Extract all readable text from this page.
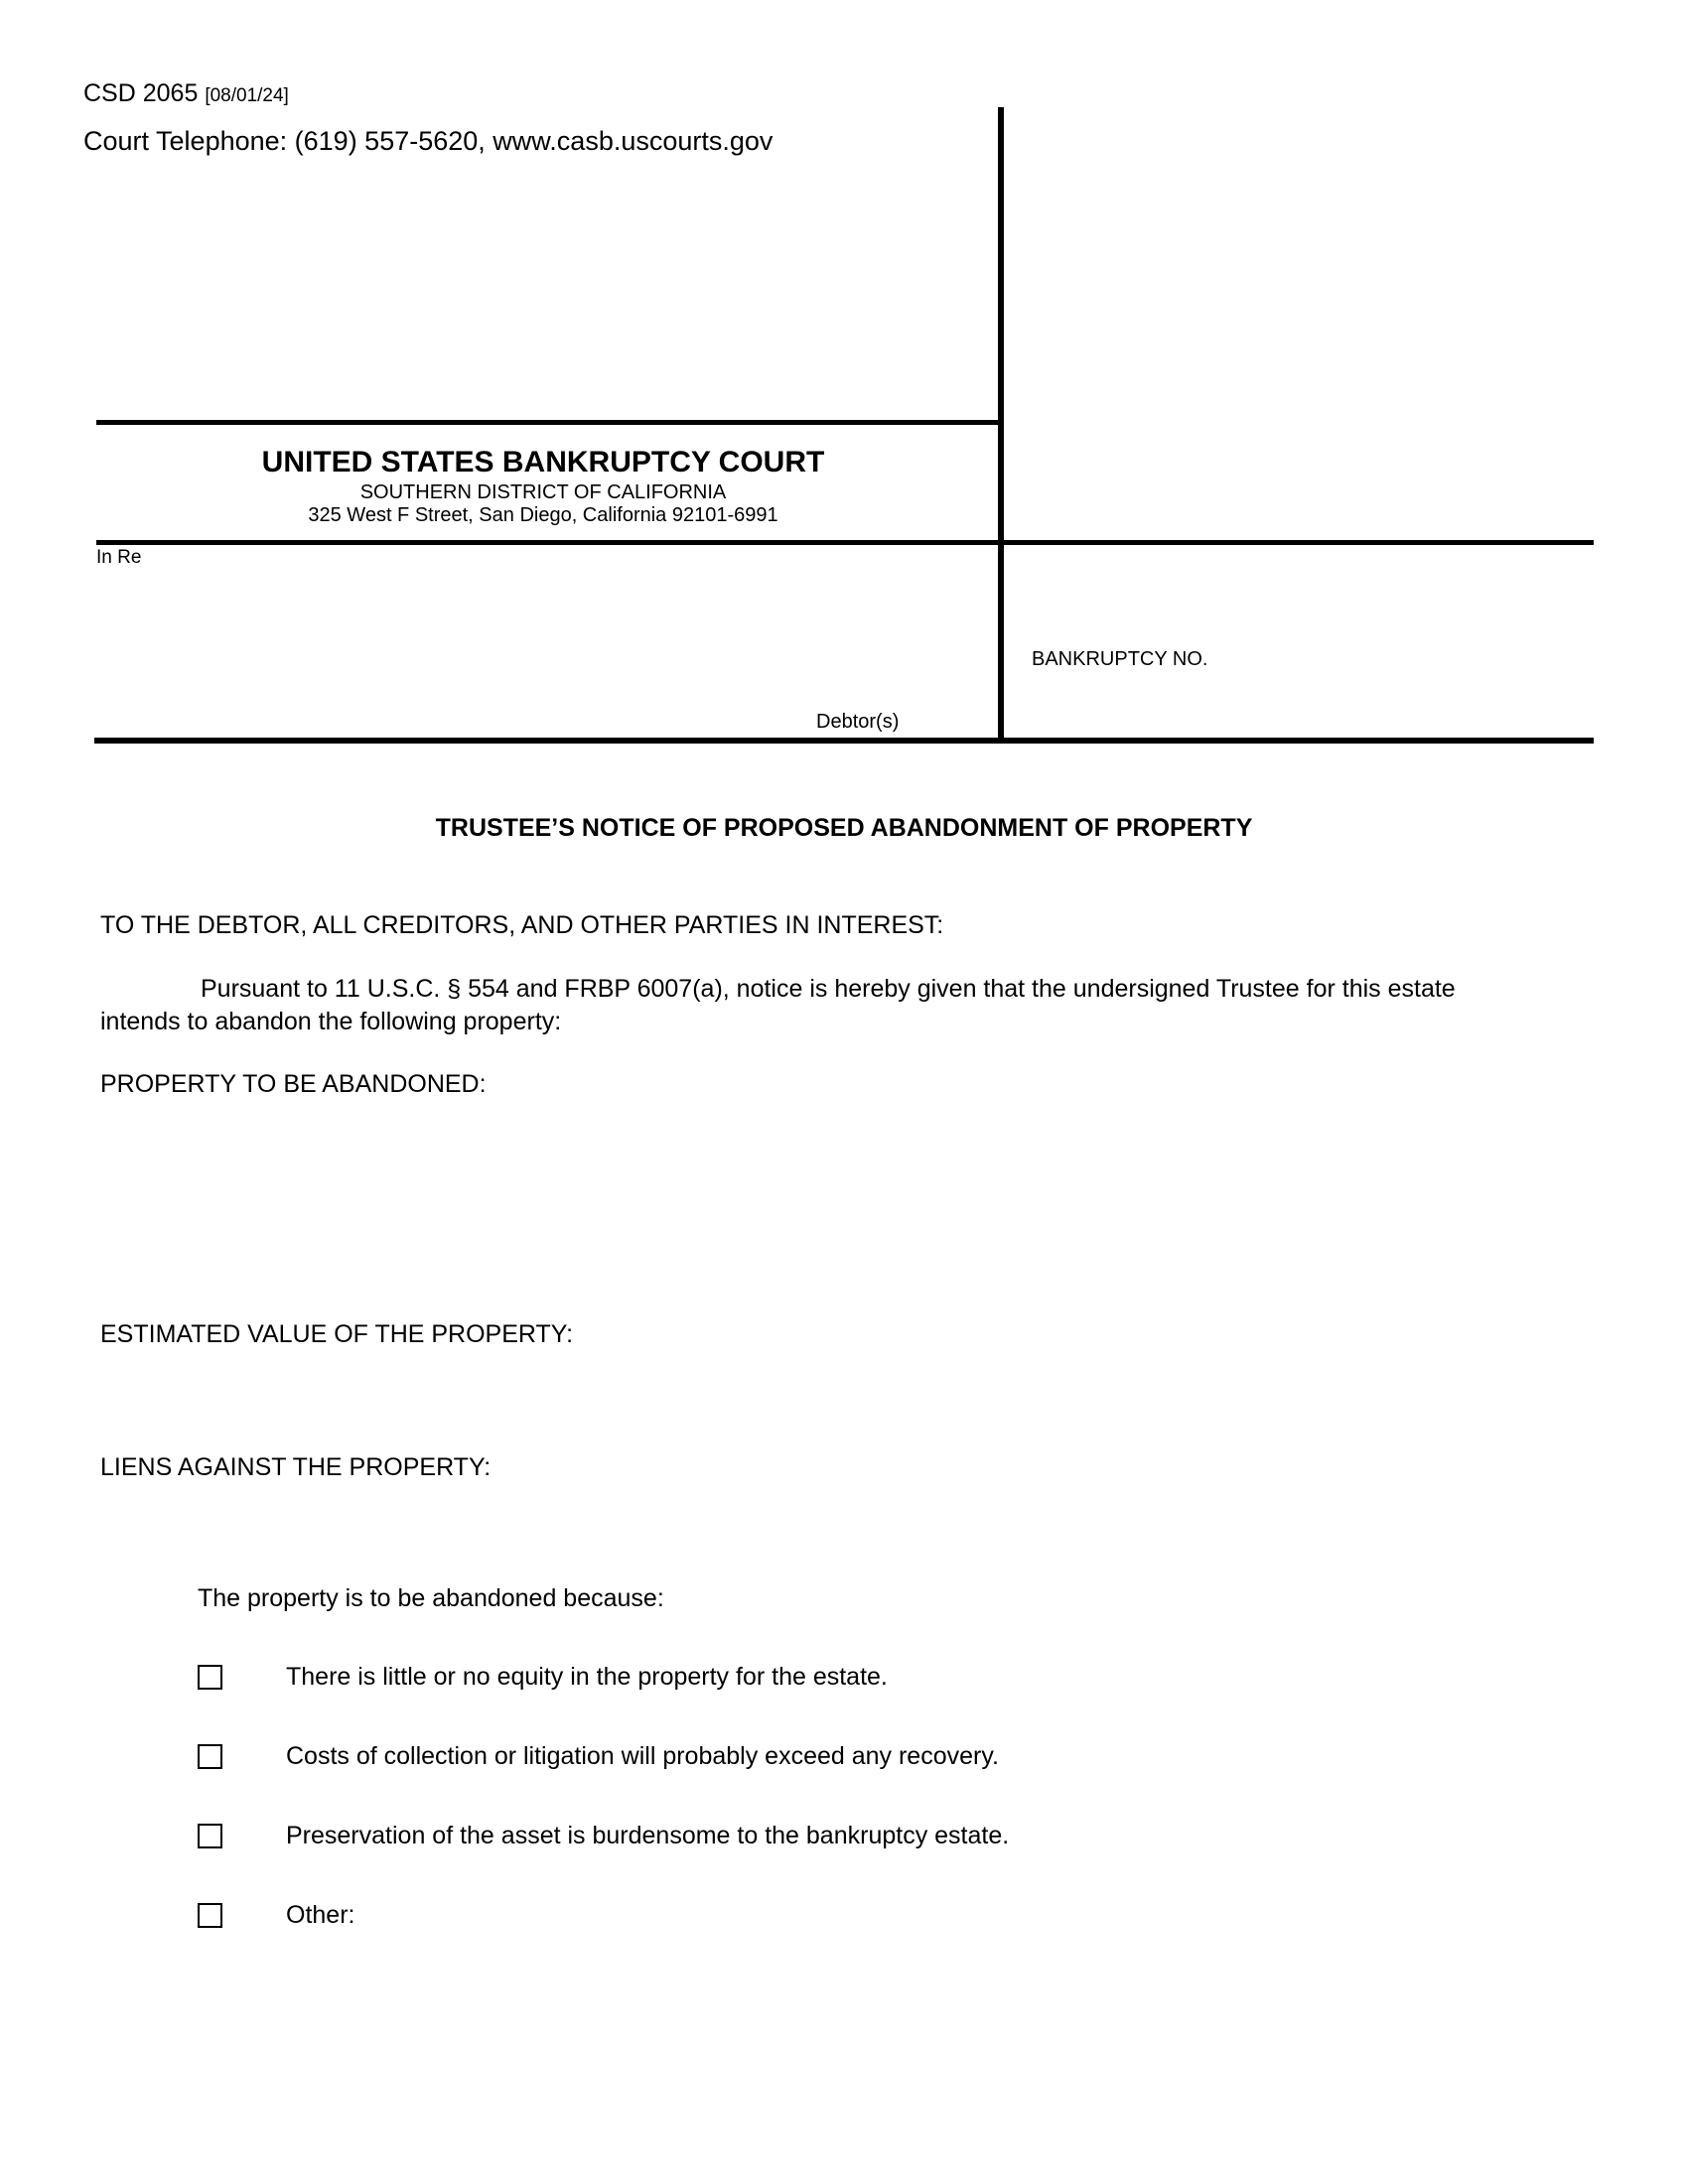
CSD 2065 [08/01/24]
Court Telephone: (619) 557-5620, www.casb.uscourts.gov
UNITED STATES BANKRUPTCY COURT
SOUTHERN DISTRICT OF CALIFORNIA
325 West F Street, San Diego, California 92101-6991
In Re
Debtor(s)
BANKRUPTCY NO.
TRUSTEE’S NOTICE OF PROPOSED ABANDONMENT OF PROPERTY
TO THE DEBTOR, ALL CREDITORS, AND OTHER PARTIES IN INTEREST:
Pursuant to 11 U.S.C. § 554 and FRBP 6007(a), notice is hereby given that the undersigned Trustee for this estate intends to abandon the following property:
PROPERTY TO BE ABANDONED:
ESTIMATED VALUE OF THE PROPERTY:
LIENS AGAINST THE PROPERTY:
The property is to be abandoned because:
There is little or no equity in the property for the estate.
Costs of collection or litigation will probably exceed any recovery.
Preservation of the asset is burdensome to the bankruptcy estate.
Other:
